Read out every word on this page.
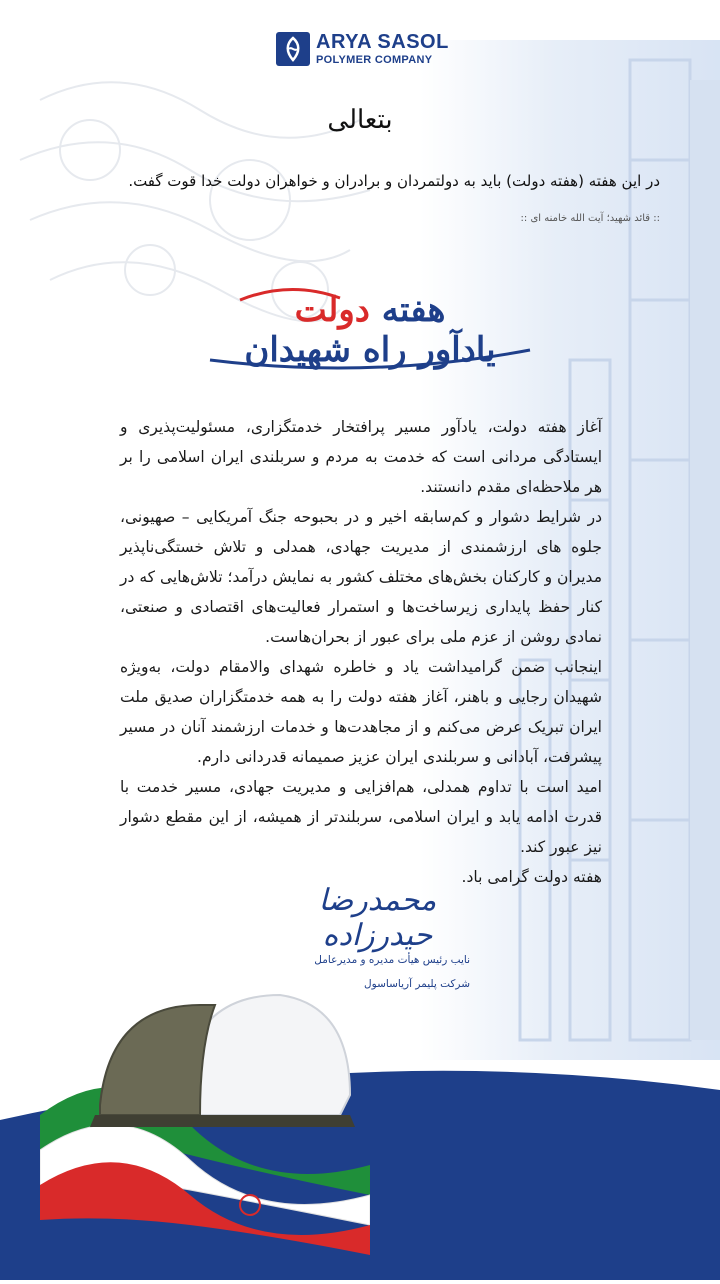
ARYA SASOL
POLYMER COMPANY
بتعالی
در این هفته (هفته دولت) باید به دولتمردان و برادران و خواهران دولت خدا قوت گفت.
:: قائد شهید؛ آیت الله خامنه ای ::
هفته دولت
یادآور راه شهیدان

آغاز هفته دولت، یادآور مسیر پرافتخار خدمتگزاری، مسئولیت‌پذیری و ایستادگی مردانی است که خدمت به مردم و سربلندی ایران اسلامی را بر هر ملاحظه‌ای مقدم دانستند.

در شرایط دشوار و کم‌سابقه اخیر و در بحبوحه جنگ آمریکایی – صهیونی، جلوه های ارزشمندی از مدیریت جهادی، همدلی و تلاش خستگی‌ناپذیر مدیران و کارکنان بخش‌های مختلف کشور به نمایش درآمد؛ تلاش‌هایی که در کنار حفظ پایداری زیرساخت‌ها و استمرار فعالیت‌های اقتصادی و صنعتی، نمادی روشن از عزم ملی برای عبور از بحران‌هاست.

اینجانب ضمن گرامیداشت یاد و خاطره شهدای والامقام دولت، به‌ویژه شهیدان رجایی و باهنر، آغاز هفته دولت را به همه خدمتگزاران صدیق ملت ایران تبریک عرض می‌کنم و از مجاهدت‌ها و خدمات ارزشمند آنان در مسیر پیشرفت، آبادانی و سربلندی ایران عزیز صمیمانه قدردانی دارم.

امید است با تداوم همدلی، هم‌افزایی و مدیریت جهادی، مسیر خدمت با قدرت ادامه یابد و ایران اسلامی، سربلندتر از همیشه، از این مقطع دشوار نیز عبور کند.

هفته دولت گرامی باد.

محمدرضا حیدرزاده
نایب رئیس هیأت مدیره و مدیرعامل
شرکت پلیمر آریاساسول
